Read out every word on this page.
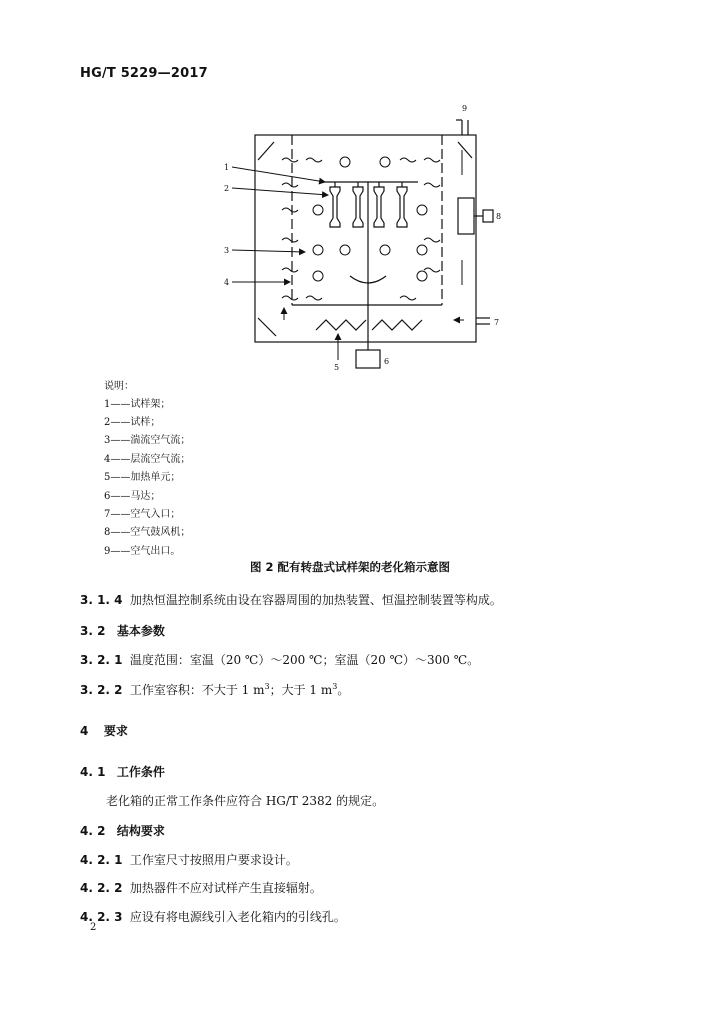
HG/T 5229—2017
1
2
3
4
5
6
7
8
9
说明：
1——试样架；
2——试样；
3——湍流空气流；
4——层流空气流；
5——加热单元；
6——马达；
7——空气入口；
8——空气鼓风机；
9——空气出口。
图 2 配有转盘式试样架的老化箱示意图
3. 1. 4 加热恒温控制系统由设在容器周围的加热装置、恒温控制装置等构成。
3. 2 基本参数
3. 2. 1 温度范围：室温（20 ℃）～200 ℃；室温（20 ℃）～300 ℃。
3. 2. 2 工作室容积：不大于 1 $m^3$；大于 1 $m^3$。
4 要求
4. 1 工作条件
老化箱的正常工作条件应符合 HG/T 2382 的规定。
4. 2 结构要求
4. 2. 1 工作室尺寸按照用户要求设计。
4. 2. 2 加热器件不应对试样产生直接辐射。
4. 2. 3 应设有将电源线引入老化箱内的引线孔。
2
